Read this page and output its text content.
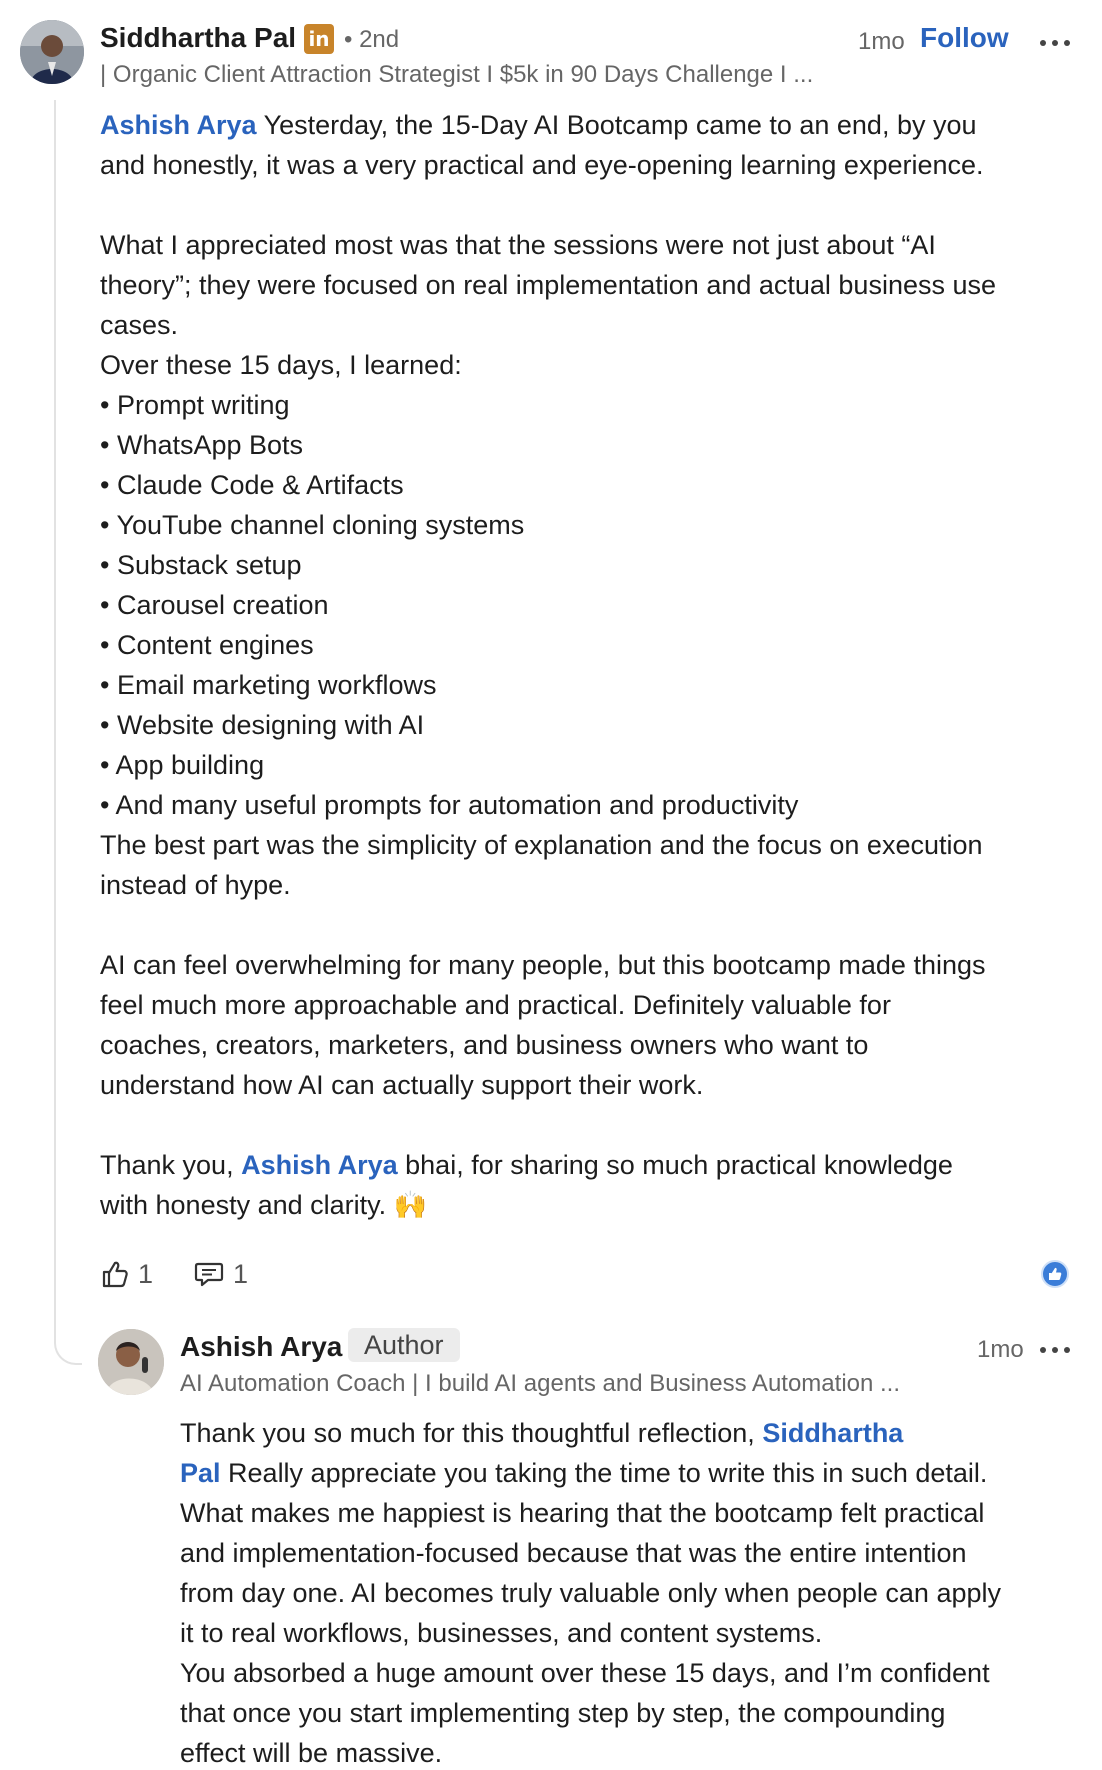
Siddhartha Pal in • 2nd
| Organic Client Attraction Strategist I $5k in 90 Days Challenge I ...
1mo Follow
Ashish Arya Yesterday, the 15-Day AI Bootcamp came to an end, by you
and honestly, it was a very practical and eye-opening learning experience.
What I appreciated most was that the sessions were not just about “AI
theory”; they were focused on real implementation and actual business use
cases.
Over these 15 days, I learned:
• Prompt writing
• WhatsApp Bots
• Claude Code & Artifacts
• YouTube channel cloning systems
• Substack setup
• Carousel creation
• Content engines
• Email marketing workflows
• Website designing with AI
• App building
• And many useful prompts for automation and productivity
The best part was the simplicity of explanation and the focus on execution
instead of hype.
AI can feel overwhelming for many people, but this bootcamp made things
feel much more approachable and practical. Definitely valuable for
coaches, creators, marketers, and business owners who want to
understand how AI can actually support their work.
Thank you, Ashish Arya bhai, for sharing so much practical knowledge
with honesty and clarity. 🙌
1	1
Ashish Arya Author
AI Automation Coach | I build AI agents and Business Automation ...
1mo
Thank you so much for this thoughtful reflection, Siddhartha
Pal Really appreciate you taking the time to write this in such detail.
What makes me happiest is hearing that the bootcamp felt practical
and implementation-focused because that was the entire intention
from day one. AI becomes truly valuable only when people can apply
it to real workflows, businesses, and content systems.
You absorbed a huge amount over these 15 days, and I’m confident
that once you start implementing step by step, the compounding
effect will be massive.
